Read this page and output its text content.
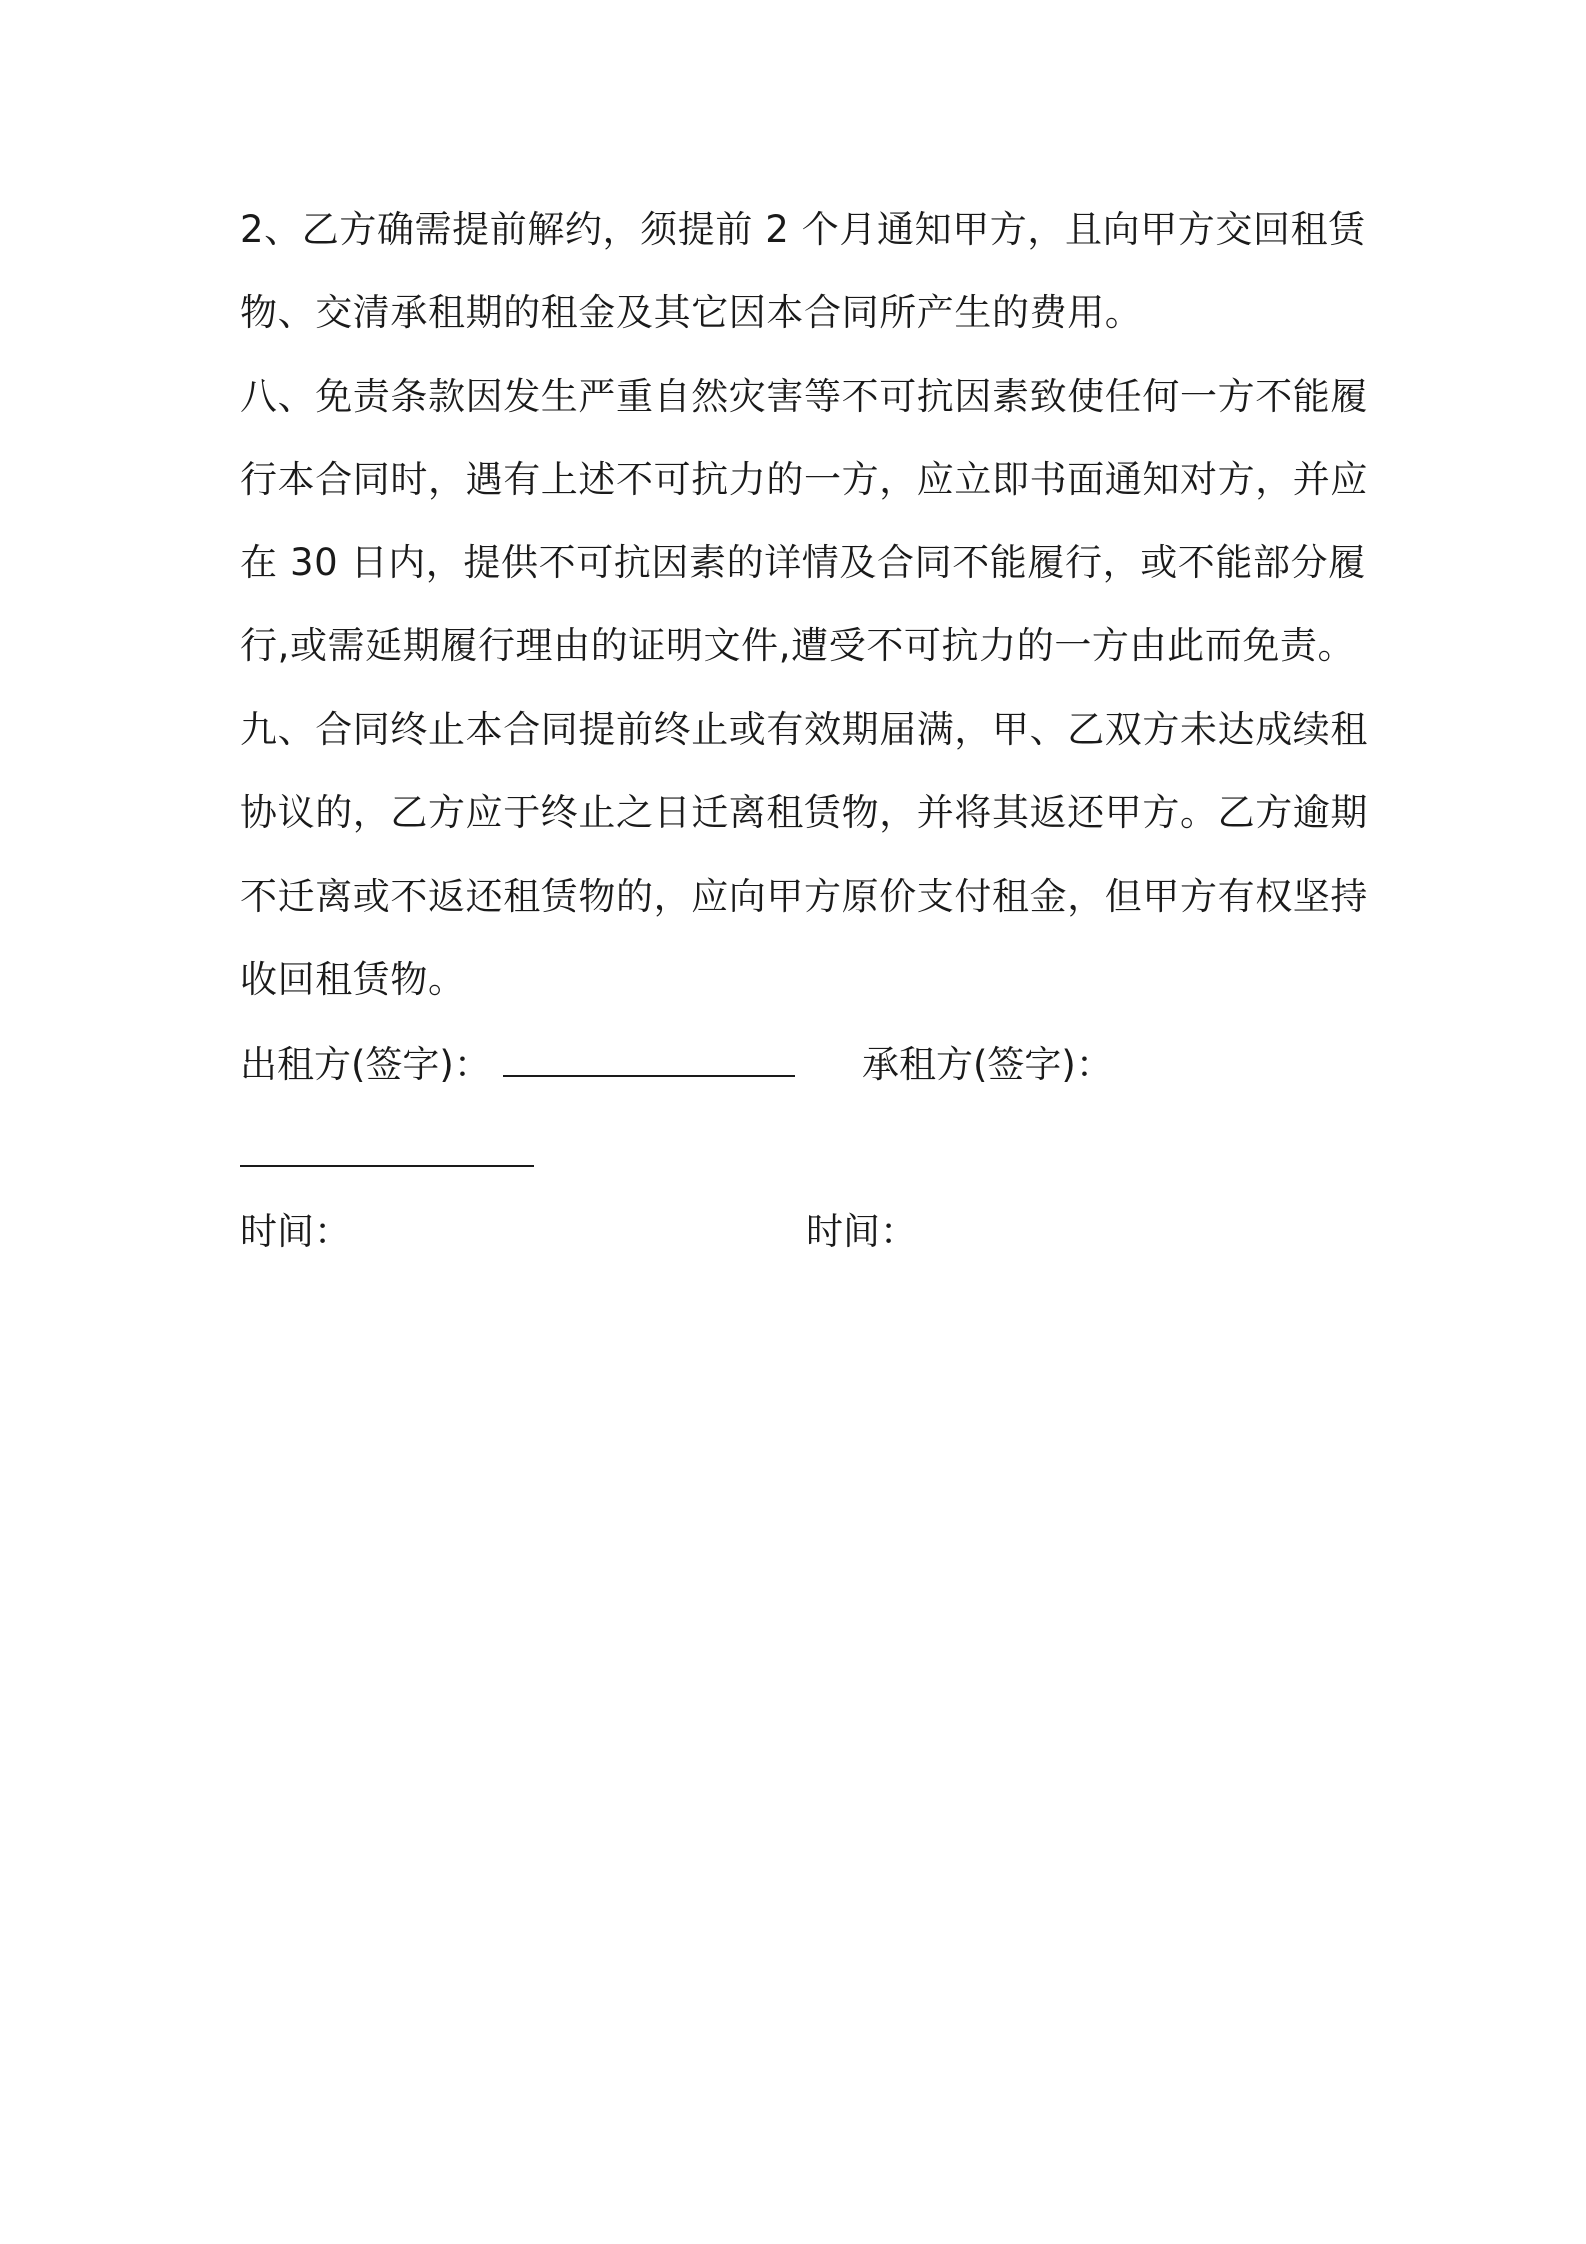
2、乙方确需提前解约，须提前 2 个月通知甲方，且向甲方交回租赁
物、交清承租期的租金及其它因本合同所产生的费用。
八、免责条款因发生严重自然灾害等不可抗因素致使任何一方不能履
行本合同时，遇有上述不可抗力的一方，应立即书面通知对方，并应
在 30 日内，提供不可抗因素的详情及合同不能履行，或不能部分履
行,或需延期履行理由的证明文件,遭受不可抗力的一方由此而免责。
九、合同终止本合同提前终止或有效期届满，甲、乙双方未达成续租
协议的，乙方应于终止之日迁离租赁物，并将其返还甲方。乙方逾期
不迁离或不返还租赁物的，应向甲方原价支付租金，但甲方有权坚持
收回租赁物。
出租方(签字)：	承租方(签字)：
时间：	时间：
